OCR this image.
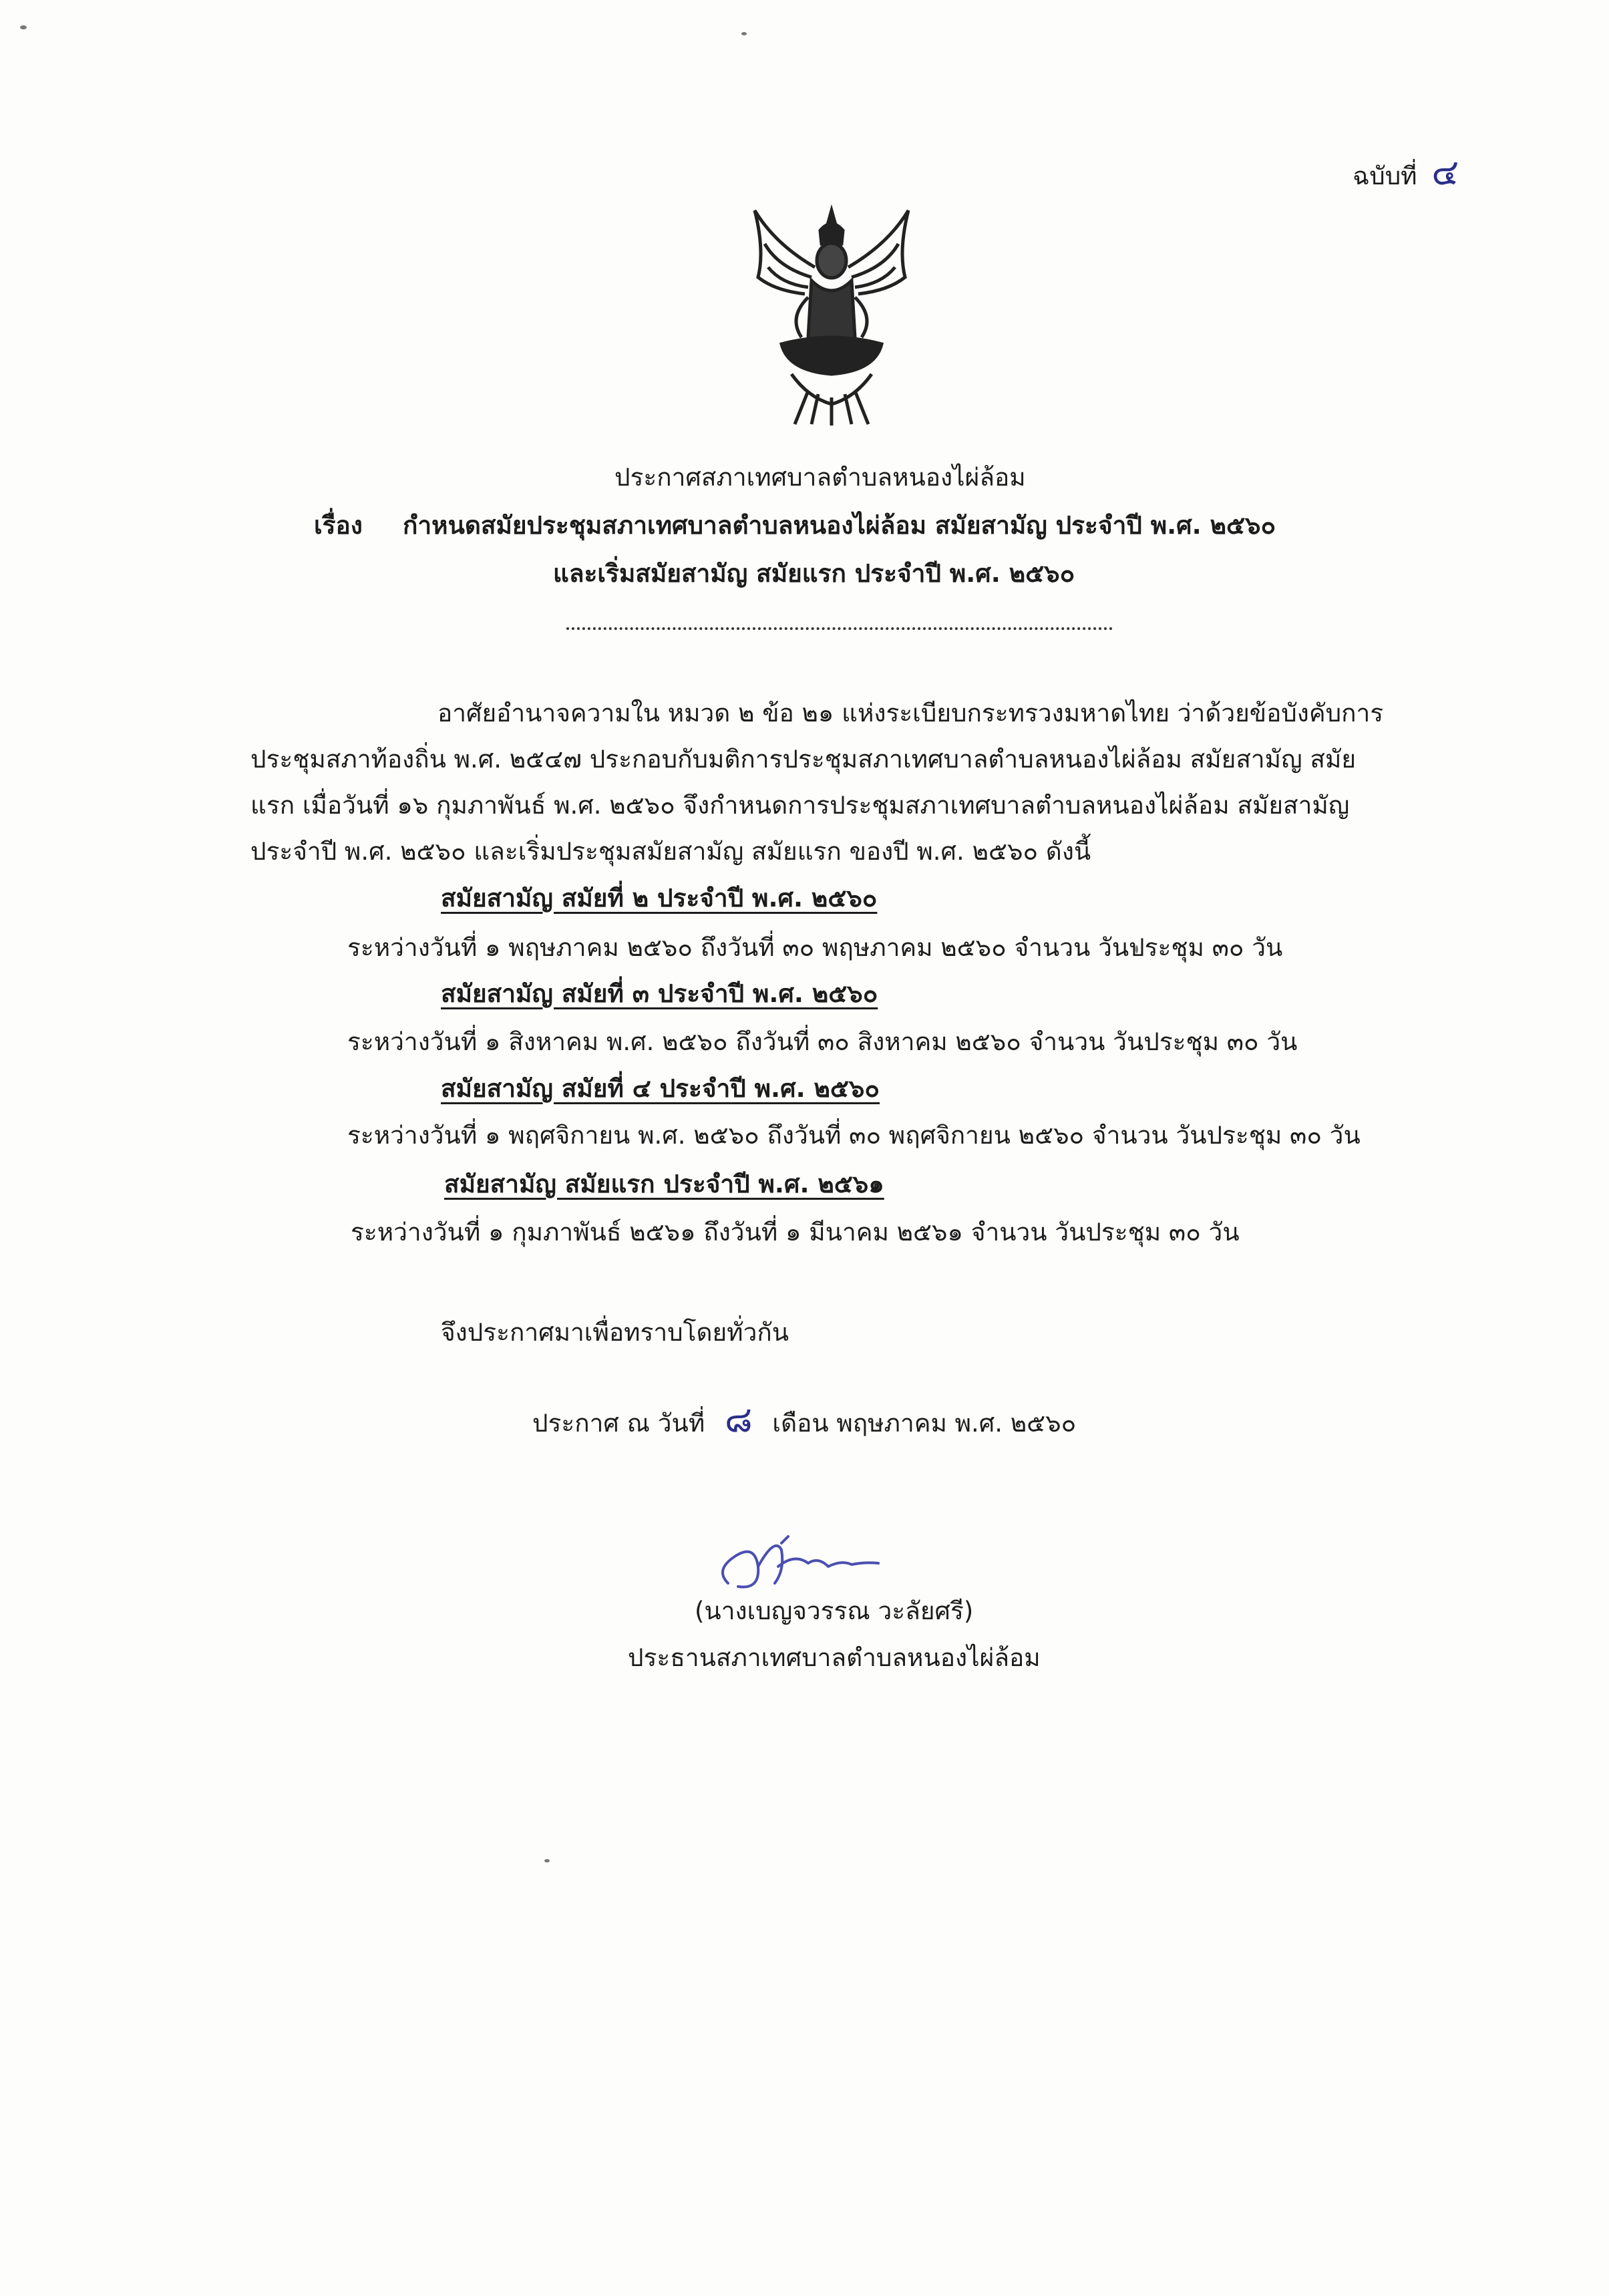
ฉบับที่ ๔
ประกาศสภาเทศบาลตำบลหนองไผ่ล้อม
เรื่อง กำหนดสมัยประชุมสภาเทศบาลตำบลหนองไผ่ล้อม สมัยสามัญ ประจำปี พ.ศ. ๒๕๖๐
และเริ่มสมัยสามัญ สมัยแรก ประจำปี พ.ศ. ๒๕๖๐
อาศัยอำนาจความใน หมวด ๒ ข้อ ๒๑ แห่งระเบียบกระทรวงมหาดไทย ว่าด้วยข้อบังคับการ
ประชุมสภาท้องถิ่น พ.ศ. ๒๕๔๗ ประกอบกับมติการประชุมสภาเทศบาลตำบลหนองไผ่ล้อม สมัยสามัญ สมัย
แรก เมื่อวันที่ ๑๖ กุมภาพันธ์ พ.ศ. ๒๕๖๐ จึงกำหนดการประชุมสภาเทศบาลตำบลหนองไผ่ล้อม สมัยสามัญ
ประจำปี พ.ศ. ๒๕๖๐ และเริ่มประชุมสมัยสามัญ สมัยแรก ของปี พ.ศ. ๒๕๖๐ ดังนี้
สมัยสามัญ สมัยที่ ๒ ประจำปี พ.ศ. ๒๕๖๐
ระหว่างวันที่ ๑ พฤษภาคม ๒๕๖๐ ถึงวันที่ ๓๐ พฤษภาคม ๒๕๖๐ จำนวน วันประชุม ๓๐ วัน
สมัยสามัญ สมัยที่ ๓ ประจำปี พ.ศ. ๒๕๖๐
ระหว่างวันที่ ๑ สิงหาคม พ.ศ. ๒๕๖๐ ถึงวันที่ ๓๐ สิงหาคม ๒๕๖๐ จำนวน วันประชุม ๓๐ วัน
สมัยสามัญ สมัยที่ ๔ ประจำปี พ.ศ. ๒๕๖๐
ระหว่างวันที่ ๑ พฤศจิกายน พ.ศ. ๒๕๖๐ ถึงวันที่ ๓๐ พฤศจิกายน ๒๕๖๐ จำนวน วันประชุม ๓๐ วัน
สมัยสามัญ สมัยแรก ประจำปี พ.ศ. ๒๕๖๑
ระหว่างวันที่ ๑ กุมภาพันธ์ ๒๕๖๑ ถึงวันที่ ๑ มีนาคม ๒๕๖๑ จำนวน วันประชุม ๓๐ วัน
จึงประกาศมาเพื่อทราบโดยทั่วกัน
ประกาศ ณ วันที่ ๘ เดือน พฤษภาคม พ.ศ. ๒๕๖๐
(นางเบญจวรรณ วะลัยศรี)
ประธานสภาเทศบาลตำบลหนองไผ่ล้อม
